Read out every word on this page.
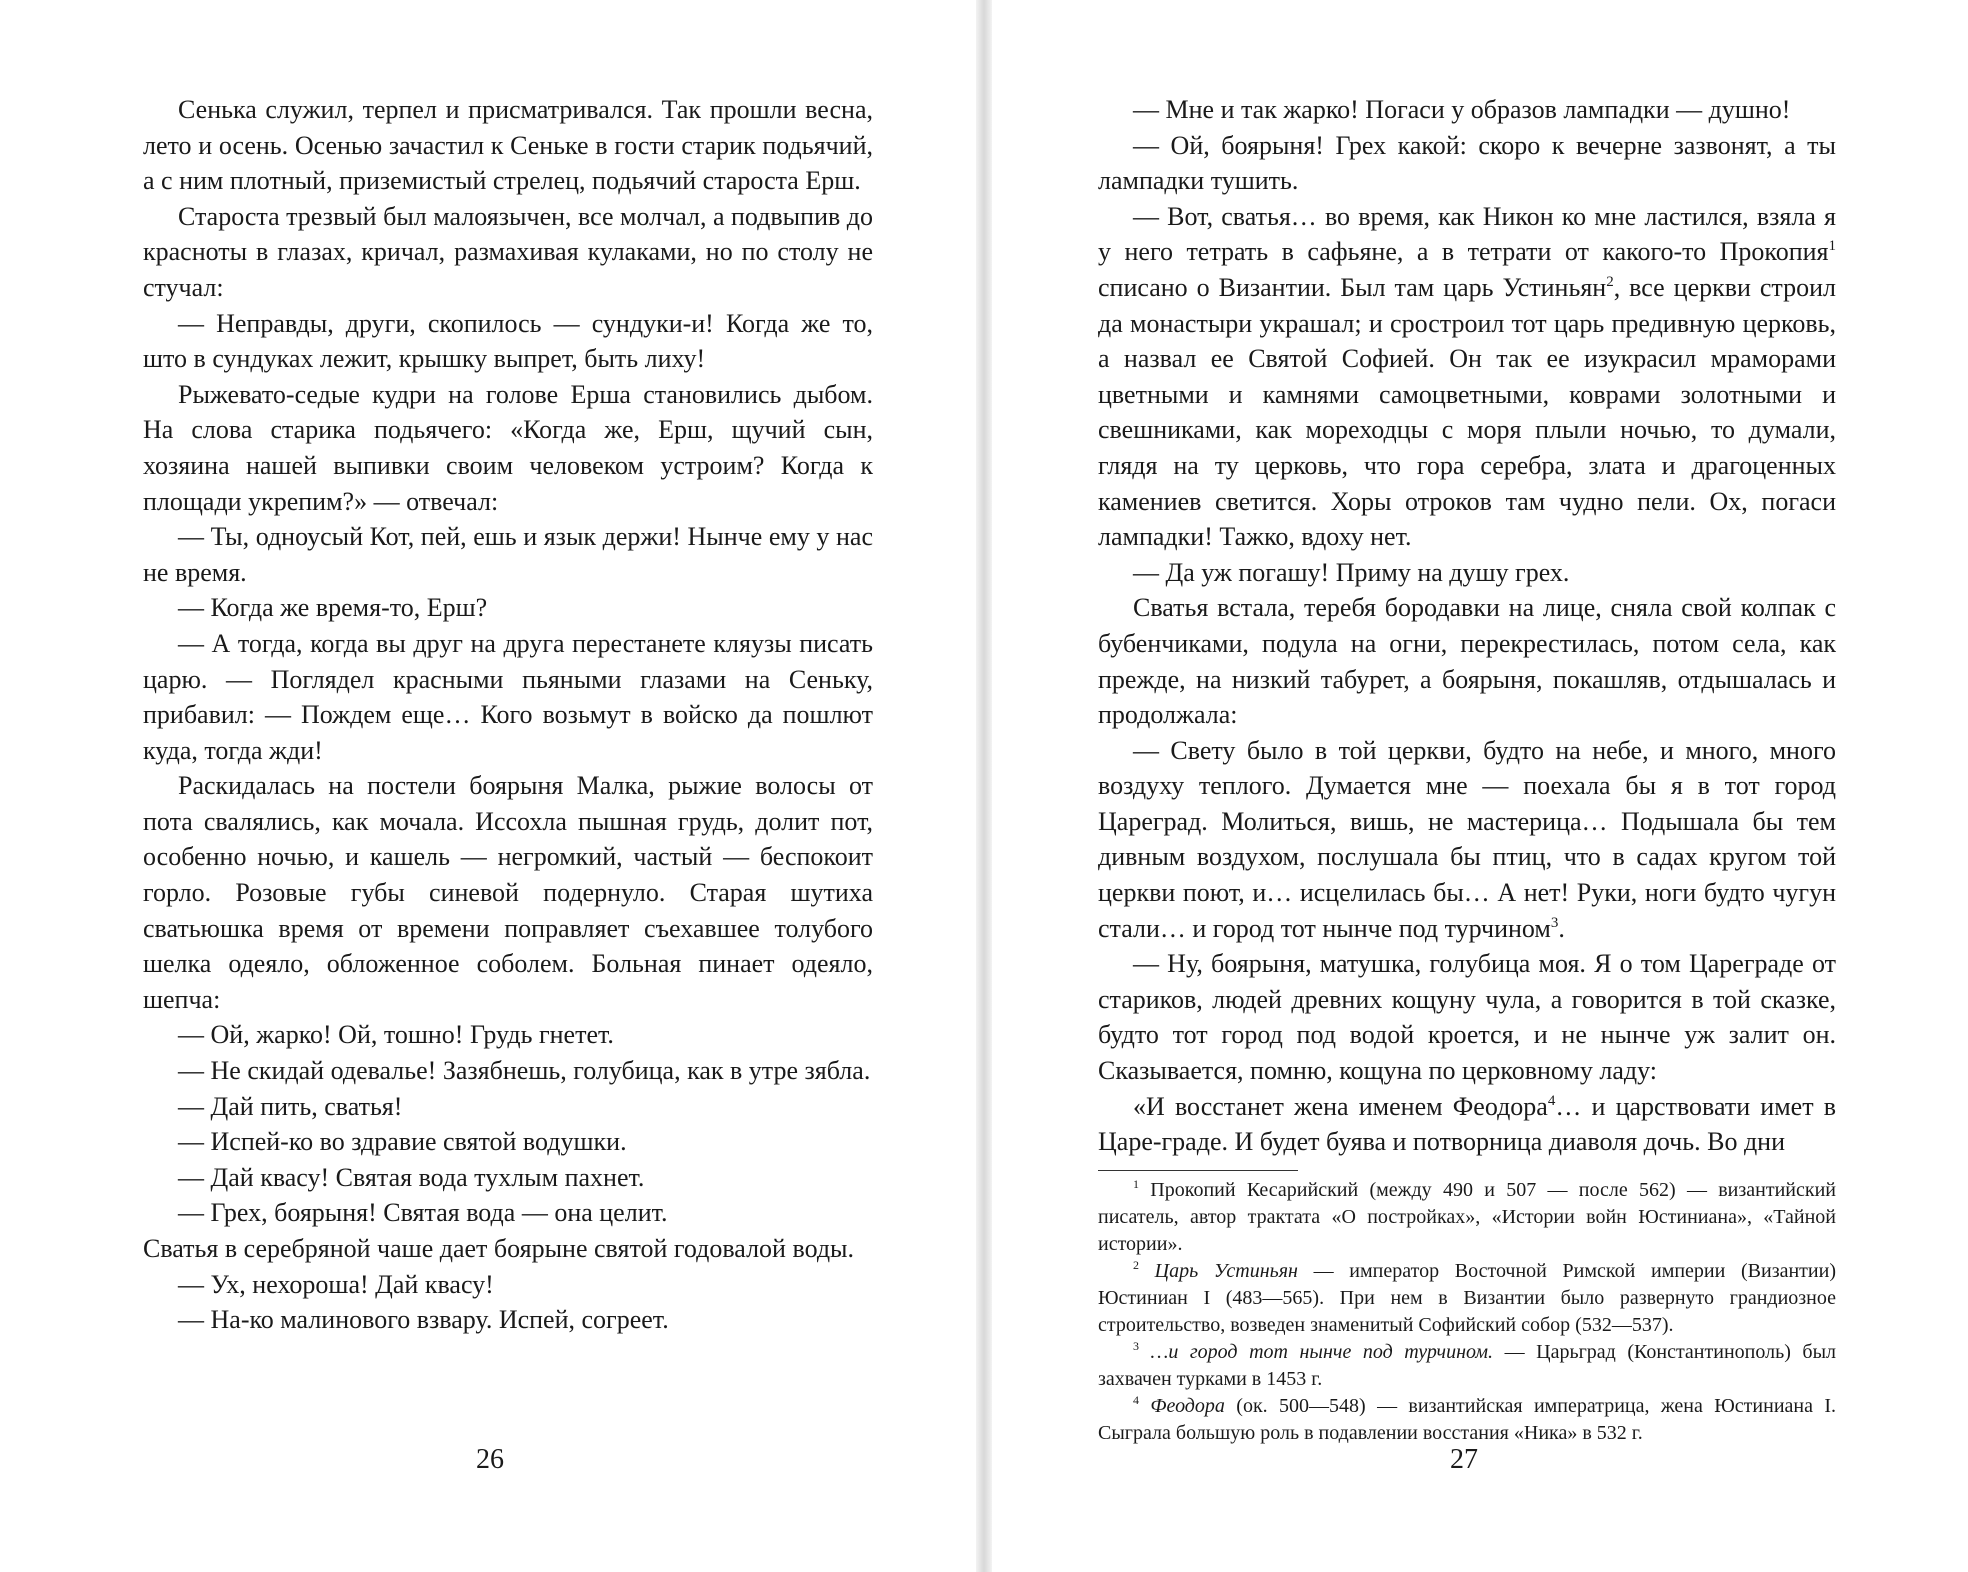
Сенька служил, терпел и присматривался. Так прошли весна, лето и осень. Осенью зачастил к Сеньке в гости старик подьячий, а с ним плотный, приземистый стрелец, подьячий староста Ерш.

Староста трезвый был малоязычен, все молчал, а подвыпив до красноты в глазах, кричал, размахивая кулаками, но по столу не стучал:

— Неправды, други, скопилось — сундуки-и! Когда же то, што в сундуках лежит, крышку выпрет, быть лиху!

Рыжевато-седые кудри на голове Ерша становились дыбом. На слова старика подьячего: «Когда же, Ерш, щучий сын, хозяина нашей выпивки своим человеком устроим? Когда к площади укрепим?» — отвечал:

— Ты, одноусый Кот, пей, ешь и язык держи! Нынче ему у нас не время.

— Когда же время-то, Ерш?

— А тогда, когда вы друг на друга перестанете кляузы писать царю. — Поглядел красными пьяными глазами на Сеньку, прибавил: — Пождем еще… Кого возьмут в войско да пошлют куда, тогда жди!

Раскидалась на постели боярыня Малка, рыжие волосы от пота свалялись, как мочала. Иссохла пышная грудь, долит пот, особенно ночью, и кашель — негромкий, частый — беспокоит горло. Розовые губы синевой подернуло. Старая шутиха сватьюшка время от времени поправляет съехавшее толубого шелка одеяло, обложенное соболем. Больная пинает одеяло, шепча:

— Ой, жарко! Ой, тошно! Грудь гнетет.

— Не скидай одевалье! Зазябнешь, голубица, как в утре зябла.

— Дай пить, сватья!

— Испей-ко во здравие святой водушки.

— Дай квасу! Святая вода тухлым пахнет.

— Грех, боярыня! Святая вода — она целит.

Сватья в серебряной чаше дает боярыне святой годовалой воды.

— Ух, нехороша! Дай квасу!

— На-ко малинового взвару. Испей, согреет.

26

— Мне и так жарко! Погаси у образов лампадки — душно!

— Ой, боярыня! Грех какой: скоро к вечерне зазвонят, а ты лампадки тушить.

— Вот, сватья… во время, как Никон ко мне ластился, взяла я у него тетрать в сафьяне, а в тетрати от какого-то Прокопия$^1$ списано о Византии. Был там царь Устиньян$^2$, все церкви строил да монастыри украшал; и сростроил тот царь предивную церковь, а назвал ее Святой Софией. Он так ее изукрасил мраморами цветными и камнями самоцветными, коврами золотными и свешниками, как мореходцы с моря плыли ночью, то думали, глядя на ту церковь, что гора серебра, злата и драгоценных камениев светится. Хоры отроков там чудно пели. Ох, погаси лампадки! Тажко, вдоху нет.

— Да уж погашу! Приму на душу грех.

Сватья встала, теребя бородавки на лице, сняла свой колпак с бубенчиками, подула на огни, перекрестилась, потом села, как прежде, на низкий табурет, а боярыня, покашляв, отдышалась и продолжала:

— Свету было в той церкви, будто на небе, и много, много воздуху теплого. Думается мне — поехала бы я в тот город Цареград. Молиться, вишь, не мастерица… Подышала бы тем дивным воздухом, послушала бы птиц, что в садах кругом той церкви поют, и… исцелилась бы… А нет! Руки, ноги будто чугун стали… и город тот нынче под турчином$^3$.

— Ну, боярыня, матушка, голубица моя. Я о том Цареграде от стариков, людей древних кощуну чула, а говорится в той сказке, будто тот город под водой кроется, и не нынче уж залит он. Сказывается, помню, кощуна по церковному ладу:

«И восстанет жена именем Феодора$^4$… и царствовати имет в Царе-граде. И будет буява и потворница диаволя дочь. Во дни

$^1$ Прокопий Кесарийский (между 490 и 507 — после 562) — византийский писатель, автор трактата «О постройках», «Истории войн Юстиниана», «Тайной истории».

$^2$ Царь Устиньян — император Восточной Римской империи (Византии) Юстиниан I (483—565). При нем в Византии было развернуто грандиозное строительство, возведен знаменитый Софийский собор (532—537).

$^3$ …и город тот нынче под турчином. — Царьград (Константинополь) был захвачен турками в 1453 г.

$^4$ Феодора (ок. 500—548) — византийская императрица, жена Юстиниана I. Сыграла большую роль в подавлении восстания «Ника» в 532 г.

27
